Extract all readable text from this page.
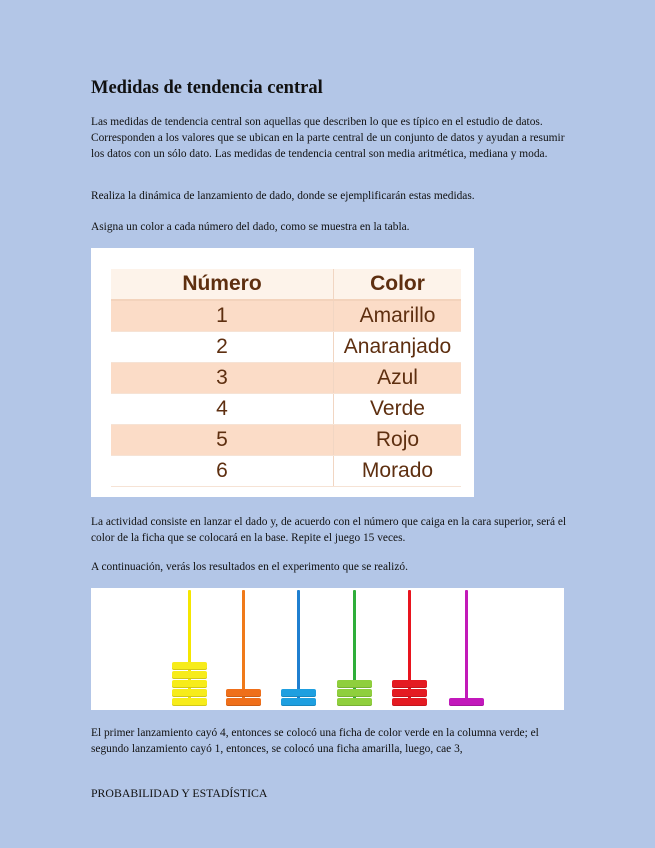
Medidas de tendencia central

Las medidas de tendencia central son aquellas que describen lo que es típico en el estudio de datos. Corresponden a los valores que se ubican en la parte central de un conjunto de datos y ayudan a resumir los datos con un sólo dato. Las medidas de tendencia central son media aritmética, mediana y moda.

Realiza la dinámica de lanzamiento de dado, donde se ejemplificarán estas medidas.

Asigna un color a cada número del dado, como se muestra en la tabla.

Número	Color
1	Amarillo
2	Anaranjado
3	Azul
4	Verde
5	Rojo
6	Morado

La actividad consiste en lanzar el dado y, de acuerdo con el número que caiga en la cara superior, será el color de la ficha que se colocará en la base. Repite el juego 15 veces.

A continuación, verás los resultados en el experimento que se realizó.

El primer lanzamiento cayó 4, entonces se colocó una ficha de color verde en la columna verde; el segundo lanzamiento cayó 1, entonces, se colocó una ficha amarilla, luego, cae 3,

PROBABILIDAD Y ESTADÍSTICA
